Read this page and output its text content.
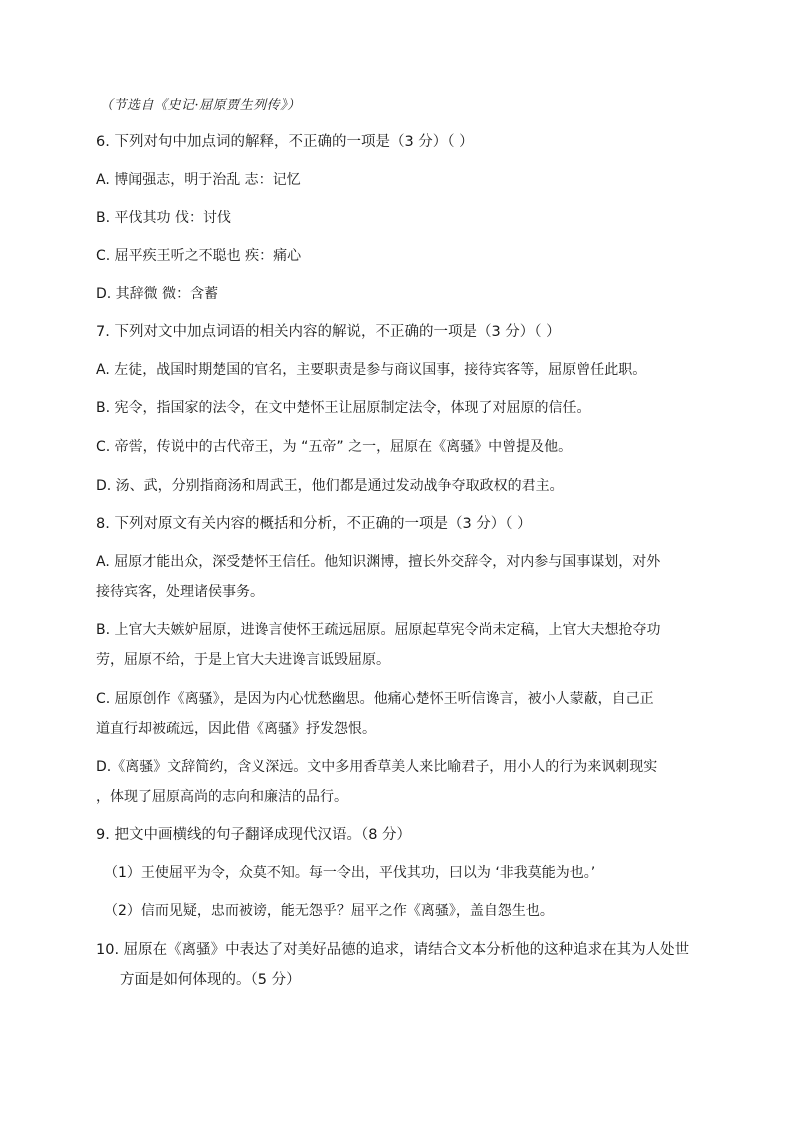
（节选自《史记·屈原贾生列传》）
6. 下列对句中加点词的解释，不正确的一项是（3 分）（ ）
A. 博闻强志，明于治乱 志：记忆
B. 平伐其功 伐：讨伐
C. 屈平疾王听之不聪也 疾：痛心
D. 其辞微 微：含蓄
7. 下列对文中加点词语的相关内容的解说，不正确的一项是（3 分）（ ）
A. 左徒，战国时期楚国的官名，主要职责是参与商议国事，接待宾客等，屈原曾任此职。
B. 宪令，指国家的法令，在文中楚怀王让屈原制定法令，体现了对屈原的信任。
C. 帝喾，传说中的古代帝王，为 “五帝” 之一，屈原在《离骚》中曾提及他。
D. 汤、武，分别指商汤和周武王，他们都是通过发动战争夺取政权的君主。
8. 下列对原文有关内容的概括和分析，不正确的一项是（3 分）（ ）
A. 屈原才能出众，深受楚怀王信任。他知识渊博，擅长外交辞令，对内参与国事谋划，对外
接待宾客，处理诸侯事务。
B. 上官大夫嫉妒屈原，进谗言使怀王疏远屈原。屈原起草宪令尚未定稿，上官大夫想抢夺功
劳，屈原不给，于是上官大夫进谗言诋毁屈原。
C. 屈原创作《离骚》，是因为内心忧愁幽思。他痛心楚怀王听信谗言，被小人蒙蔽，自己正
道直行却被疏远，因此借《离骚》抒发怨恨。
D.《离骚》文辞简约，含义深远。文中多用香草美人来比喻君子，用小人的行为来讽刺现实
，体现了屈原高尚的志向和廉洁的品行。
9. 把文中画横线的句子翻译成现代汉语。（8 分）
（1）王使屈平为令，众莫不知。每一令出，平伐其功，曰以为 ‘非我莫能为也。’
（2）信而见疑，忠而被谤，能无怨乎？屈平之作《离骚》，盖自怨生也。
10. 屈原在《离骚》中表达了对美好品德的追求，请结合文本分析他的这种追求在其为人处世
方面是如何体现的。（5 分）
